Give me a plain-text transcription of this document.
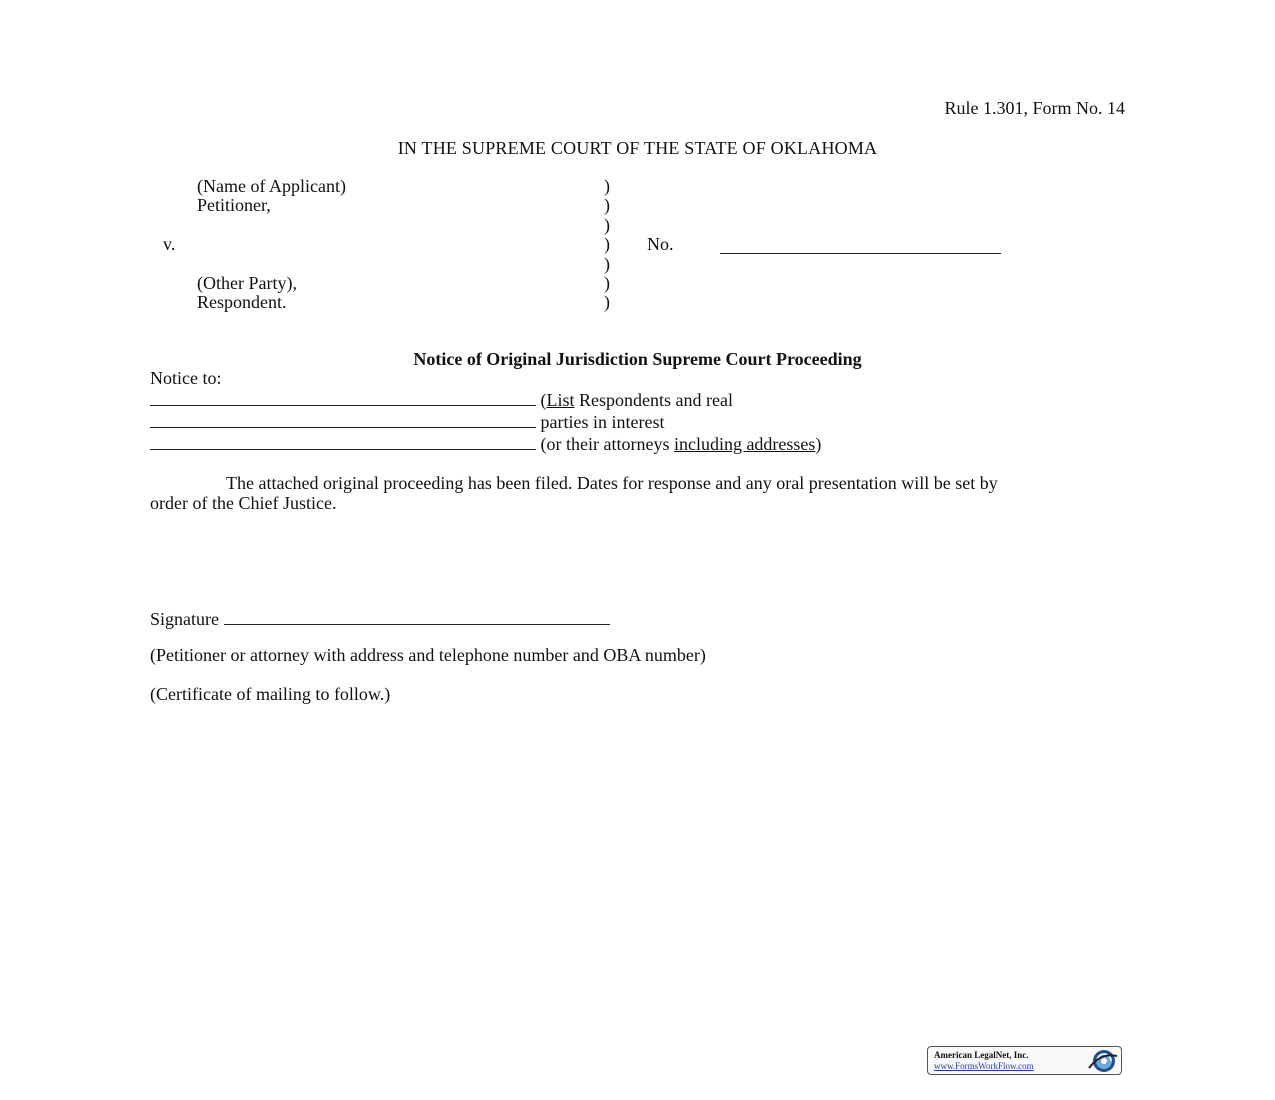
Rule 1.301, Form No. 14
IN THE SUPREME COURT OF THE STATE OF OKLAHOMA
(Name of Applicant)
Petitioner,
v.
(Other Party),
Respondent.
)
)
)
)
)
)
)
No.
Notice of Original Jurisdiction Supreme Court Proceeding
Notice to:
(List Respondents and real
parties in interest
(or their attorneys including addresses)
The attached original proceeding has been filed. Dates for response and any oral presentation will be set by order of the Chief Justice.
Signature
(Petitioner or attorney with address and telephone number and OBA number)
(Certificate of mailing to follow.)
American LegalNet, Inc.
www.FormsWorkFlow.com
